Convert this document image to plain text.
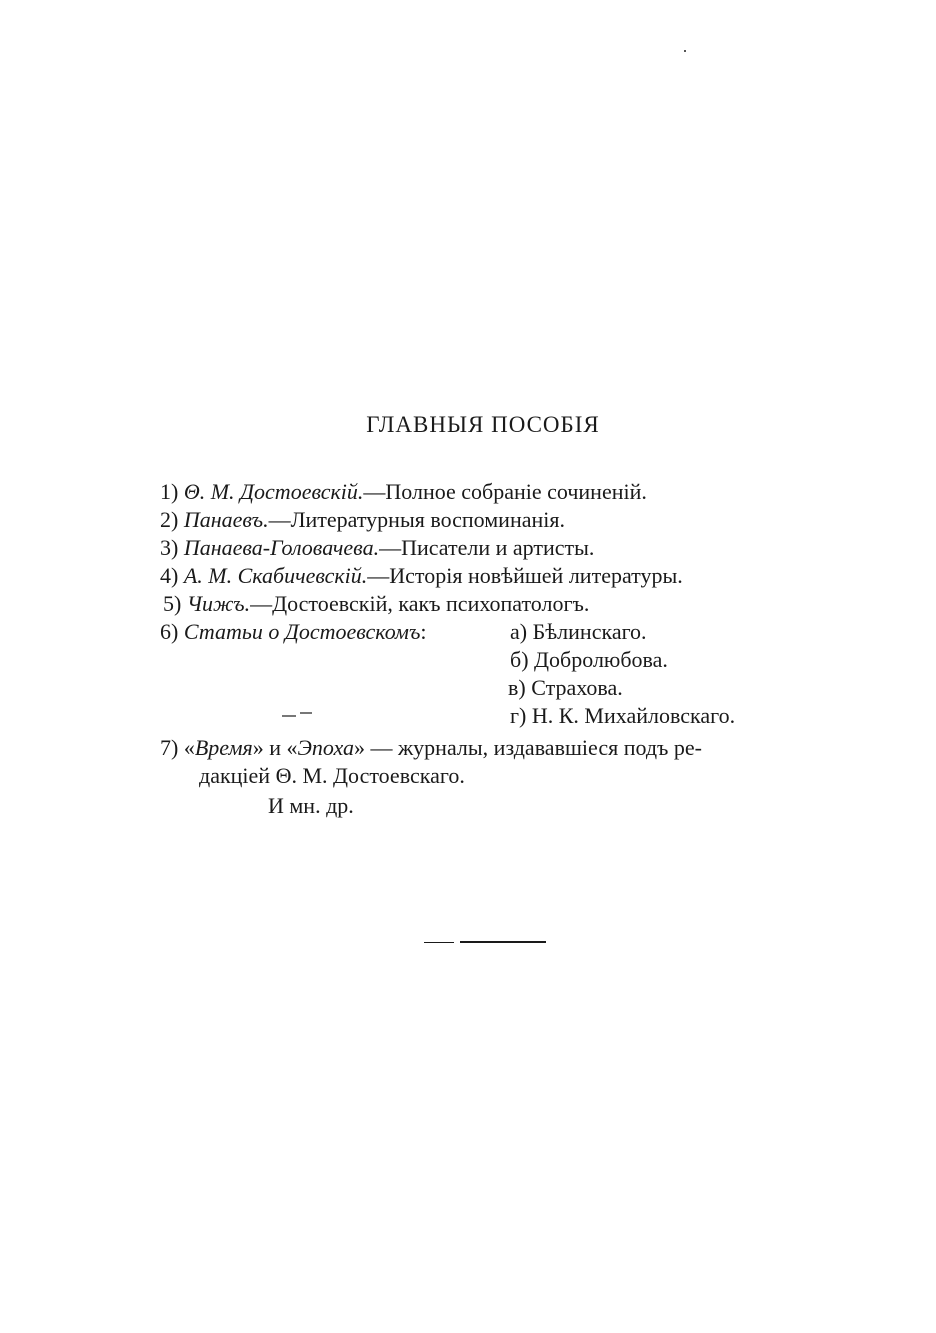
ГЛАВНЫЯ ПОСОБІЯ
1) Θ. М. Достоевскій.—Полное собраніе сочиненій.
2) Панаевъ.—Литературныя воспоминанія.
3) Панаева-Головачева.—Писатели и артисты.
4) А. М. Скабичевскій.—Исторія новѣйшей литературы.
5) Чижъ.—Достоевскій, какъ психопатологъ.
6) Статьи о Достоевскомъ:	а) Бѣлинскаго.
б) Добролюбова.
в) Страхова.
г) Н. К. Михайловскаго.
7) «Время» и «Эпоха» — журналы, издававшіеся подъ ре-
дакціей Θ. М. Достоевскаго.
И мн. др.
